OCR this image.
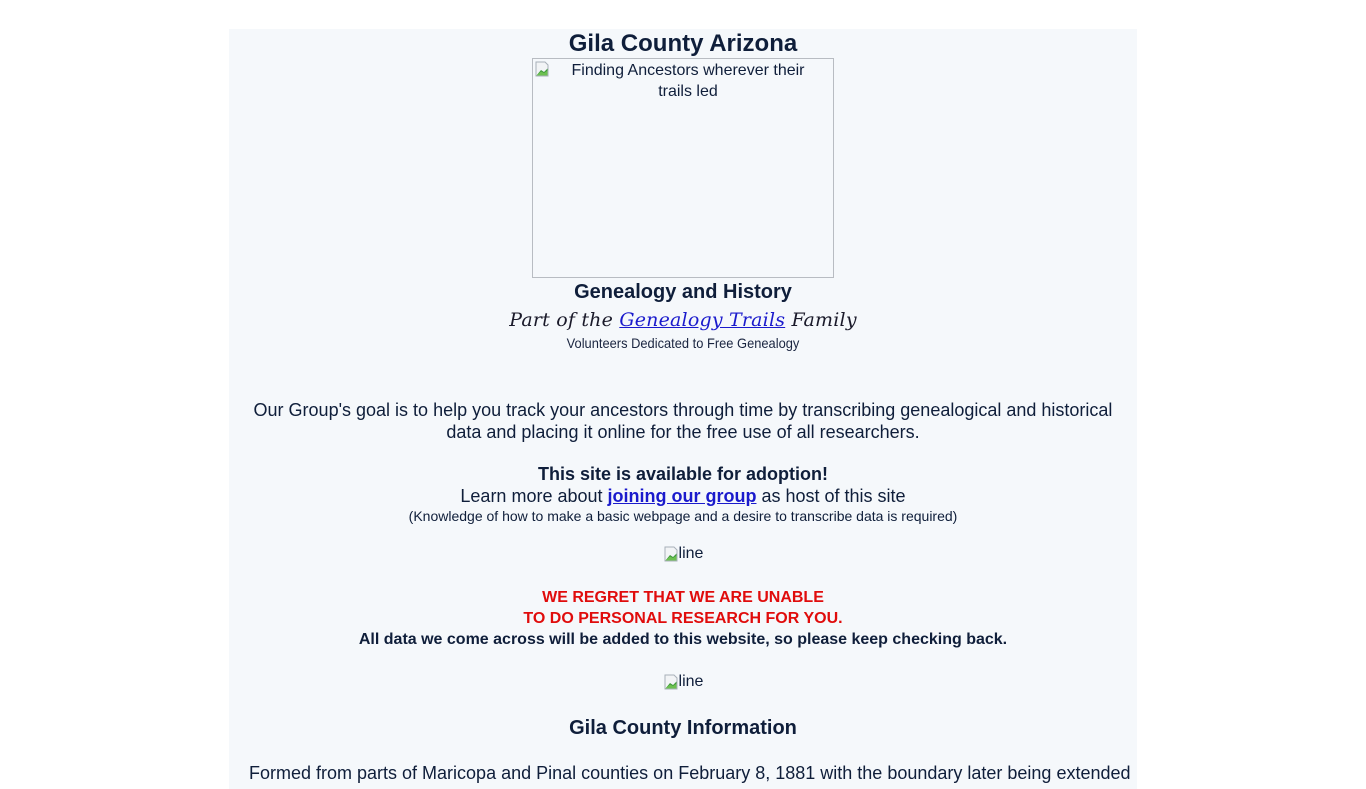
Gila County Arizona
Finding Ancestors wherever their trails led
Genealogy and History
Part of the Genealogy Trails Family
Volunteers Dedicated to Free Genealogy
Our Group's goal is to help you track your ancestors through time by transcribing genealogical and historical data and placing it online for the free use of all researchers.
This site is available for adoption!
Learn more about joining our group as host of this site
(Knowledge of how to make a basic webpage and a desire to transcribe data is required)
line
WE REGRET THAT WE ARE UNABLE
TO DO PERSONAL RESEARCH FOR YOU.
All data we come across will be added to this website, so please keep checking back.
line
Gila County Information
Formed from parts of Maricopa and Pinal counties on February 8, 1881 with the boundary later being extended
